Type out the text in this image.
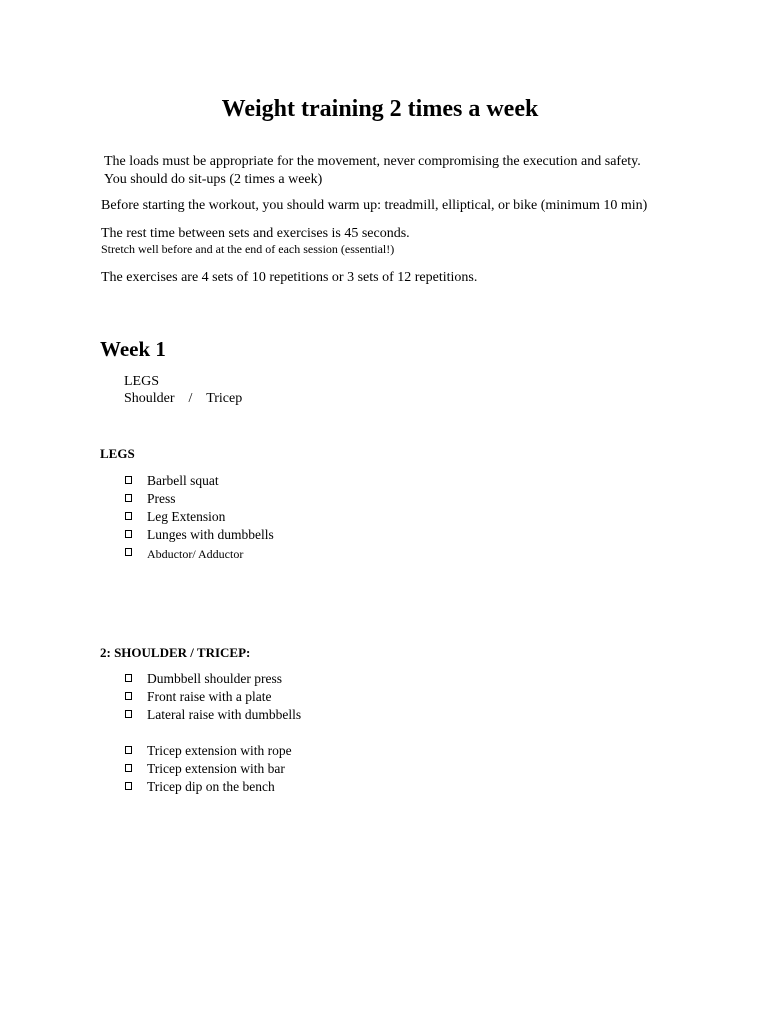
Weight training 2 times a week
The loads must be appropriate for the movement, never compromising the execution and safety.
You should do sit-ups (2 times a week)
Before starting the workout, you should warm up: treadmill, elliptical, or bike (minimum 10 min)
The rest time between sets and exercises is 45 seconds.
Stretch well before and at the end of each session (essential!)
The exercises are 4 sets of 10 repetitions or 3 sets of 12 repetitions.
Week 1
LEGS
Shoulder    /    Tricep
LEGS
Barbell squat
Press
Leg Extension
Lunges with dumbbells
Abductor/ Adductor
2: SHOULDER / TRICEP:
Dumbbell shoulder press
Front raise with a plate
Lateral raise with dumbbells
Tricep extension with rope
Tricep extension with bar
Tricep dip on the bench
